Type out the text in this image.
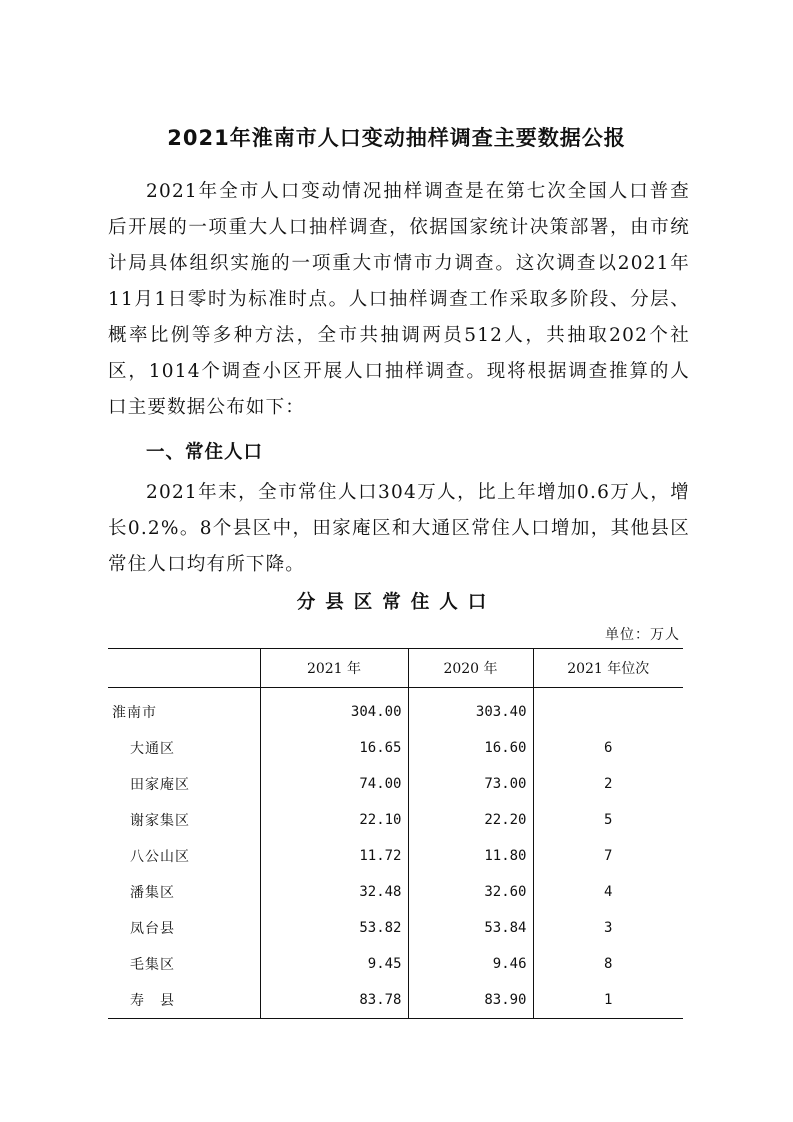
2021年淮南市人口变动抽样调查主要数据公报
2021年全市人口变动情况抽样调查是在第七次全国人口普查后开展的一项重大人口抽样调查，依据国家统计决策部署，由市统计局具体组织实施的一项重大市情市力调查。这次调查以2021年11月1日零时为标准时点。人口抽样调查工作采取多阶段、分层、概率比例等多种方法，全市共抽调两员512人，共抽取202个社区，1014个调查小区开展人口抽样调查。现将根据调查推算的人口主要数据公布如下：
一、常住人口
2021年末，全市常住人口304万人，比上年增加0.6万人，增长0.2%。8个县区中，田家庵区和大通区常住人口增加，其他县区常住人口均有所下降。
分县区常住人口
单位：万人
	2021 年	2020 年	2021 年位次
淮南市	304.00	303.40	
大通区	16.65	16.60	6
田家庵区	74.00	73.00	2
谢家集区	22.10	22.20	5
八公山区	11.72	11.80	7
潘集区	32.48	32.60	4
凤台县	53.82	53.84	3
毛集区	9.45	9.46	8
寿　县	83.78	83.90	1
